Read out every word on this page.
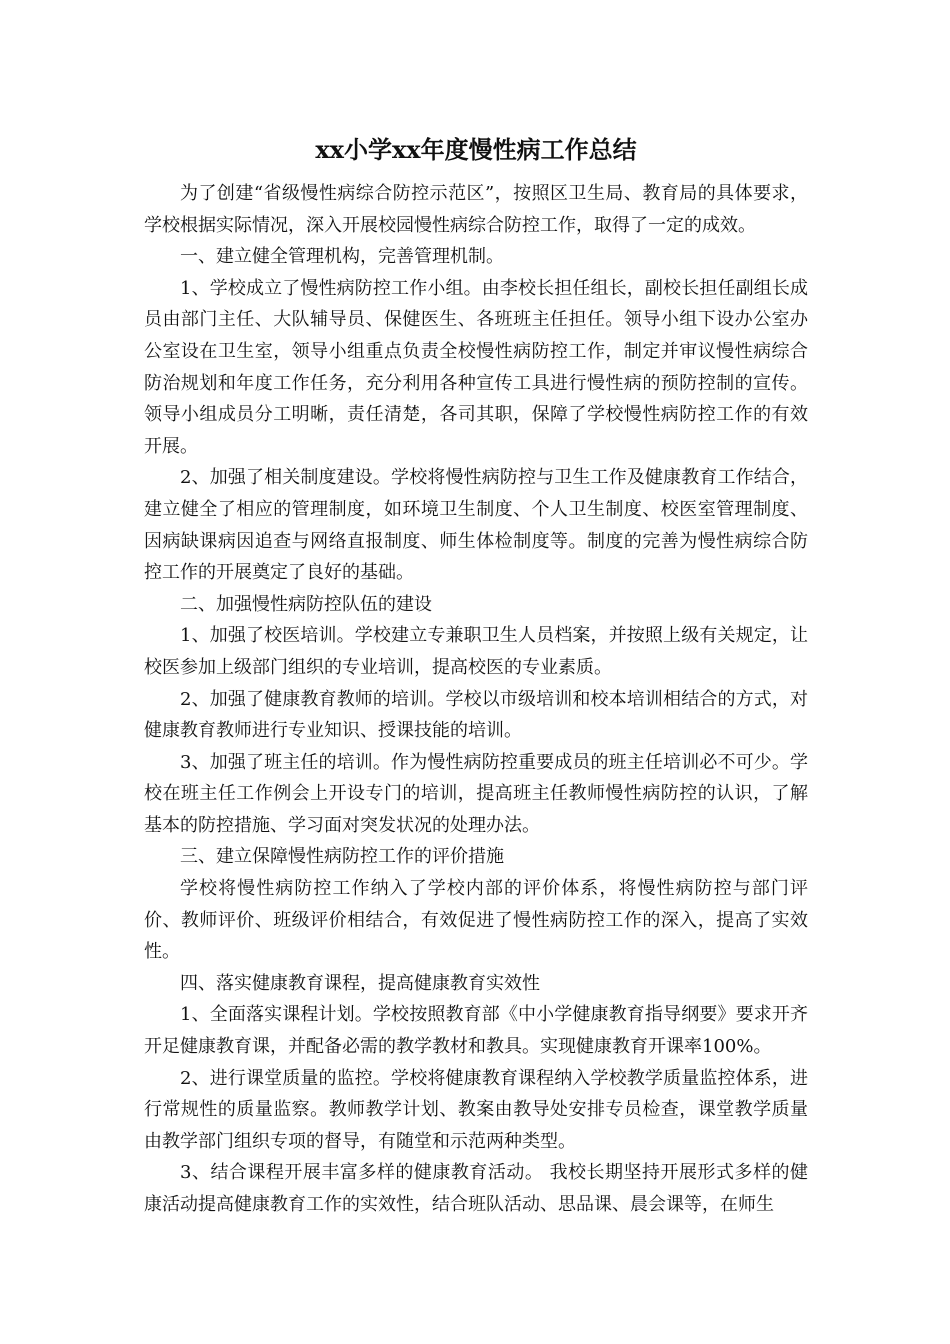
xx小学xx年度慢性病工作总结

为了创建“省级慢性病综合防控示范区”，按照区卫生局、教育局的具体要求，学校根据实际情况，深入开展校园慢性病综合防控工作，取得了一定的成效。

一、建立健全管理机构，完善管理机制。

1、学校成立了慢性病防控工作小组。由李校长担任组长，副校长担任副组长成员由部门主任、大队辅导员、保健医生、各班班主任担任。领导小组下设办公室办公室设在卫生室，领导小组重点负责全校慢性病防控工作，制定并审议慢性病综合防治规划和年度工作任务，充分利用各种宣传工具进行慢性病的预防控制的宣传。领导小组成员分工明晰，责任清楚，各司其职，保障了学校慢性病防控工作的有效开展。

2、加强了相关制度建设。学校将慢性病防控与卫生工作及健康教育工作结合，建立健全了相应的管理制度，如环境卫生制度、个人卫生制度、校医室管理制度、因病缺课病因追查与网络直报制度、师生体检制度等。制度的完善为慢性病综合防控工作的开展奠定了良好的基础。

二、加强慢性病防控队伍的建设

1、加强了校医培训。学校建立专兼职卫生人员档案，并按照上级有关规定，让校医参加上级部门组织的专业培训，提高校医的专业素质。

2、加强了健康教育教师的培训。学校以市级培训和校本培训相结合的方式，对健康教育教师进行专业知识、授课技能的培训。

3、加强了班主任的培训。作为慢性病防控重要成员的班主任培训必不可少。学校在班主任工作例会上开设专门的培训，提高班主任教师慢性病防控的认识，了解基本的防控措施、学习面对突发状况的处理办法。

三、建立保障慢性病防控工作的评价措施

学校将慢性病防控工作纳入了学校内部的评价体系，将慢性病防控与部门评价、教师评价、班级评价相结合，有效促进了慢性病防控工作的深入，提高了实效性。

四、落实健康教育课程，提高健康教育实效性

1、全面落实课程计划。学校按照教育部《中小学健康教育指导纲要》要求开齐开足健康教育课，并配备必需的教学教材和教具。实现健康教育开课率100%。

2、进行课堂质量的监控。学校将健康教育课程纳入学校教学质量监控体系，进行常规性的质量监察。教师教学计划、教案由教导处安排专员检查，课堂教学质量由教学部门组织专项的督导，有随堂和示范两种类型。

3、结合课程开展丰富多样的健康教育活动。 我校长期坚持开展形式多样的健康活动提高健康教育工作的实效性，结合班队活动、思品课、晨会课等，在师生
